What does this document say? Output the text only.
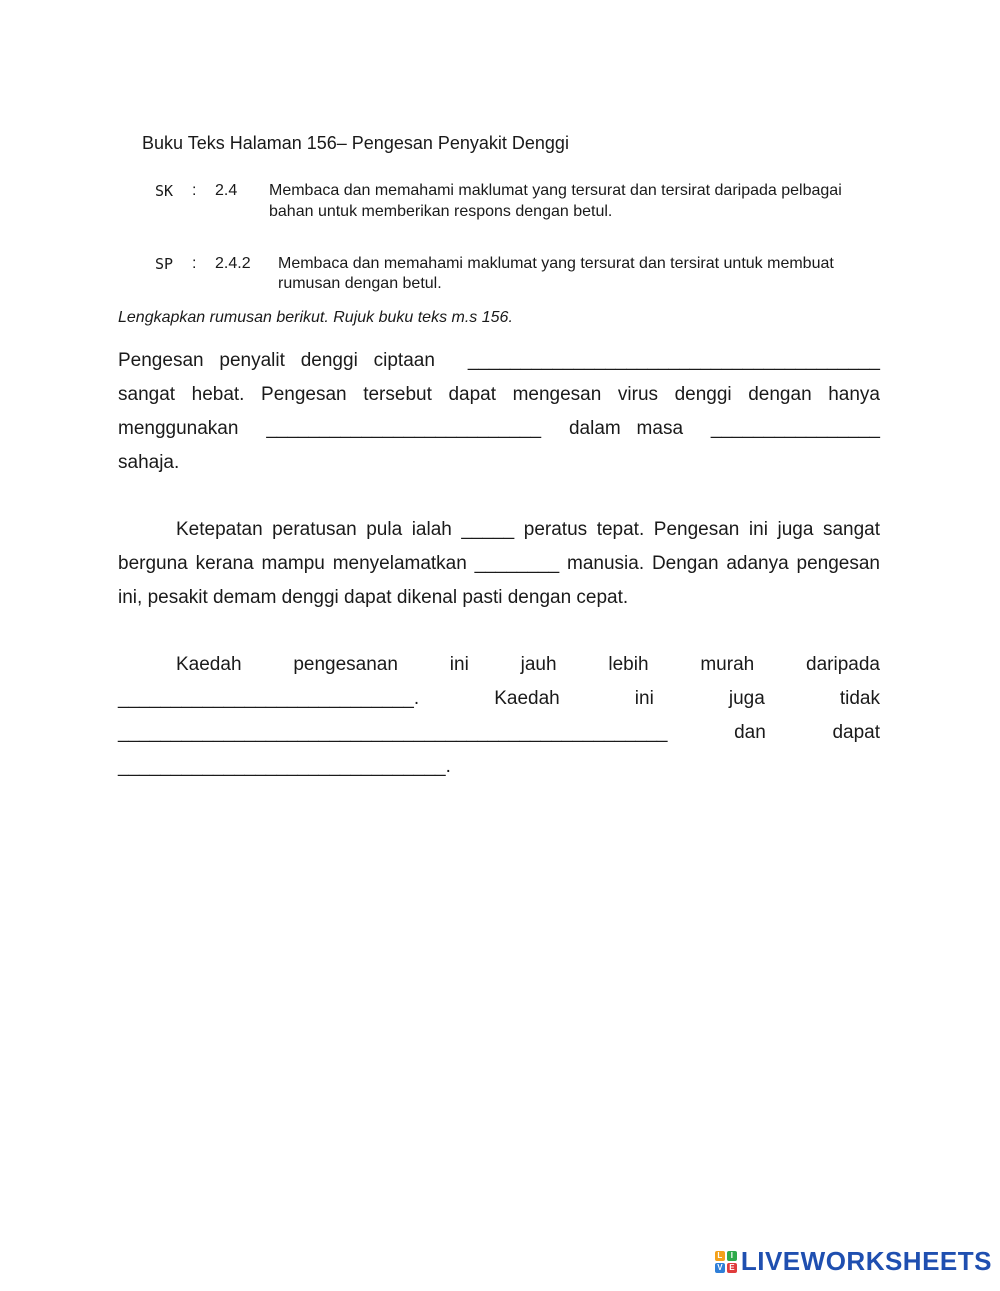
Buku Teks Halaman 156– Pengesan Penyakit Denggi
SK : 2.4 Membaca dan memahami maklumat yang tersurat dan tersirat daripada pelbagai
bahan untuk memberikan respons dengan betul.
SP : 2.4.2 Membaca dan memahami maklumat yang tersurat dan tersirat untuk membuat
rumusan dengan betul.
Lengkapkan rumusan berikut. Rujuk buku teks m.s 156.
Pengesan   penyalit   denggi   ciptaan _______________________________________
sangat hebat. Pengesan tersebut dapat mengesan virus denggi dengan hanya
menggunakan __________________________ dalam   masa ________________
sahaja.
Ketepatan peratusan pula ialah _____ peratus tepat. Pengesan ini juga sangat
berguna kerana mampu menyelamatkan ________ manusia. Dengan adanya pengesan
ini, pesakit demam denggi dapat dikenal pasti dengan cepat.
Kaedah	pengesanan	ini	jauh	lebih	murah	daripada
____________________________.	Kaedah	ini	juga	tidak
____________________________________________________	dan	dapat
_______________________________.
L	I
V E LIVEWORKSHEETS
